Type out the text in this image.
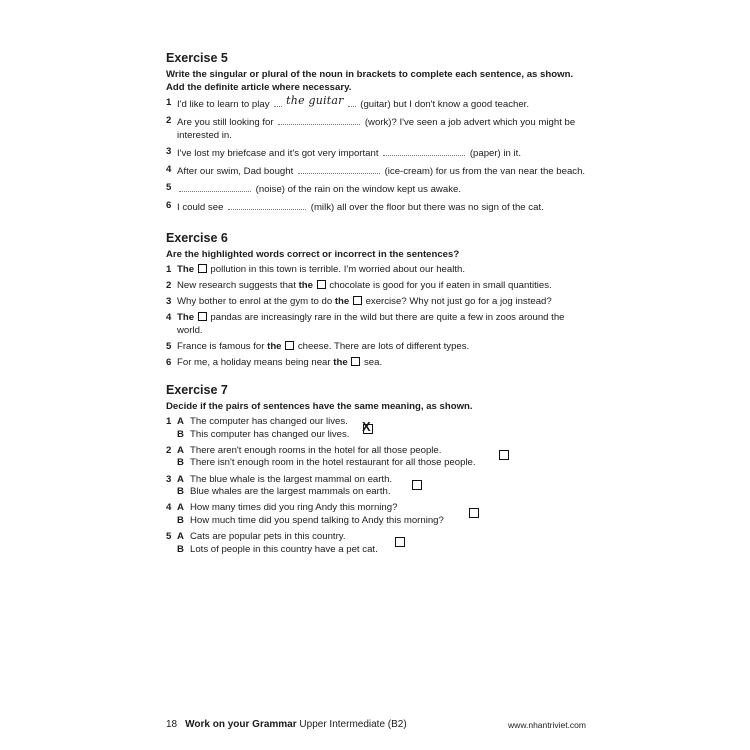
Exercise 5
Write the singular or plural of the noun in brackets to complete each sentence, as shown. Add the definite article where necessary.
1 I'd like to learn to play the guitar (guitar) but I don't know a good teacher.
2 Are you still looking for	(work)? I've seen a job advert which you might be interested in.
3 I've lost my briefcase and it's got very important	(paper) in it.
4 After our swim, Dad bought	(ice-cream) for us from the van near the beach.
5	(noise) of the rain on the window kept us awake.
6 I could see	(milk) all over the floor but there was no sign of the cat.
Exercise 6
Are the highlighted words correct or incorrect in the sentences?
1 The pollution in this town is terrible. I'm worried about our health.
2 New research suggests that the chocolate is good for you if eaten in small quantities.
3 Why bother to enrol at the gym to do the exercise? Why not just go for a jog instead?
4 The pandas are increasingly rare in the wild but there are quite a few in zoos around the world.
5 France is famous for the cheese. There are lots of different types.
6 For me, a holiday means being near the sea.
Exercise 7
Decide if the pairs of sentences have the same meaning, as shown.
1 A The computer has changed our lives.
B This computer has changed our lives.
X
2 A There aren't enough rooms in the hotel for all those people.
B There isn't enough room in the hotel restaurant for all those people.
3 A The blue whale is the largest mammal on earth.
B Blue whales are the largest mammals on earth.
4 A How many times did you ring Andy this morning?
B How much time did you spend talking to Andy this morning?
5 A Cats are popular pets in this country.
B Lots of people in this country have a pet cat.
18 Work on your Grammar Upper Intermediate (B2)	www.nhantriviet.com
